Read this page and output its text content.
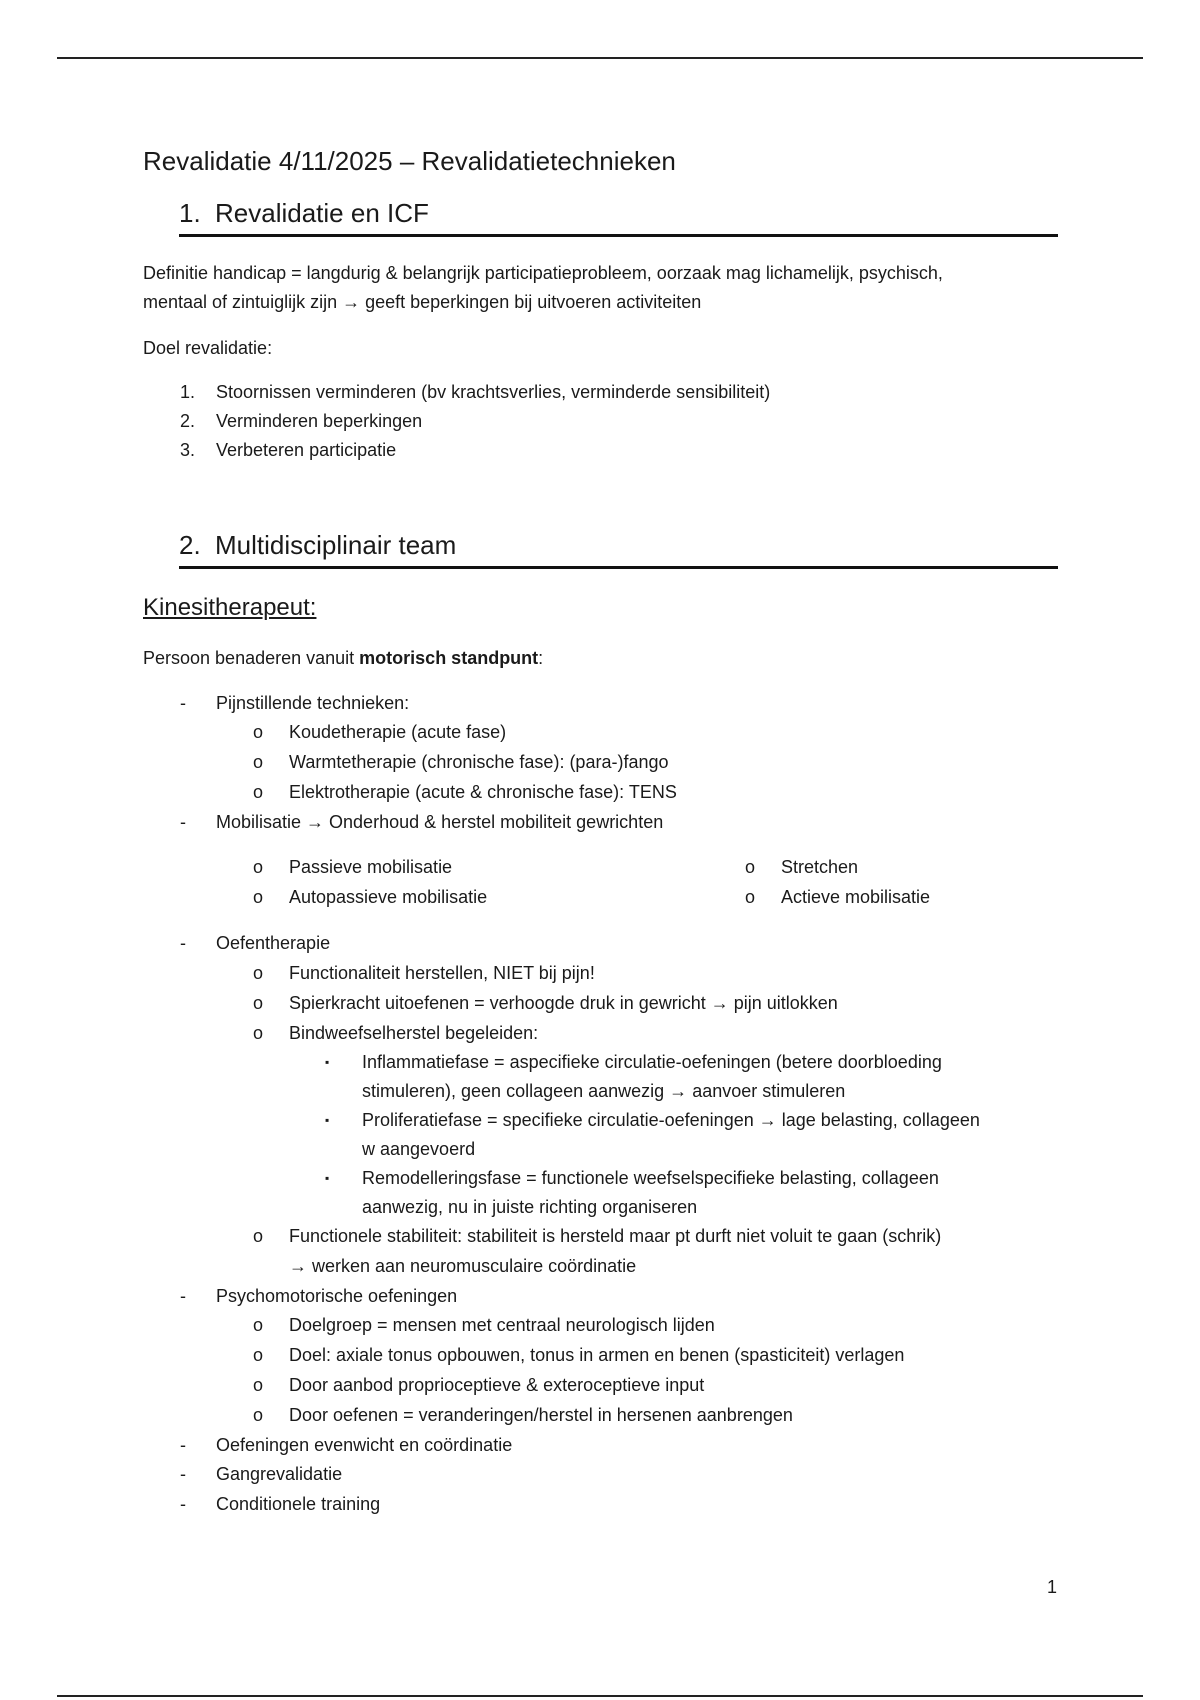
Revalidatie 4/11/2025 – Revalidatietechnieken
1. Revalidatie en ICF
Definitie handicap = langdurig & belangrijk participatieprobleem, oorzaak mag lichamelijk, psychisch,
mentaal of zintuiglijk zijn → geeft beperkingen bij uitvoeren activiteiten
Doel revalidatie:
1. Stoornissen verminderen (bv krachtsverlies, verminderde sensibiliteit)
2. Verminderen beperkingen
3. Verbeteren participatie
2. Multidisciplinair team
Kinesitherapeut:
Persoon benaderen vanuit motorisch standpunt:
- Pijnstillende technieken:
o Koudetherapie (acute fase)
o Warmtetherapie (chronische fase): (para-)fango
o Elektrotherapie (acute & chronische fase): TENS
- Mobilisatie → Onderhoud & herstel mobiliteit gewrichten
o Passieve mobilisatie
o Autopassieve mobilisatie
o Stretchen
o Actieve mobilisatie
- Oefentherapie
o Functionaliteit herstellen, NIET bij pijn!
o Spierkracht uitoefenen = verhoogde druk in gewricht → pijn uitlokken
o Bindweefselherstel begeleiden:
▪ Inflammatiefase = aspecifieke circulatie-oefeningen (betere doorbloeding
stimuleren), geen collageen aanwezig → aanvoer stimuleren
▪ Proliferatiefase = specifieke circulatie-oefeningen → lage belasting, collageen
w aangevoerd
▪ Remodelleringsfase = functionele weefselspecifieke belasting, collageen
aanwezig, nu in juiste richting organiseren
o Functionele stabiliteit: stabiliteit is hersteld maar pt durft niet voluit te gaan (schrik)
→ werken aan neuromusculaire coördinatie
- Psychomotorische oefeningen
o Doelgroep = mensen met centraal neurologisch lijden
o Doel: axiale tonus opbouwen, tonus in armen en benen (spasticiteit) verlagen
o Door aanbod proprioceptieve & exteroceptieve input
o Door oefenen = veranderingen/herstel in hersenen aanbrengen
- Oefeningen evenwicht en coördinatie
- Gangrevalidatie
- Conditionele training
1
